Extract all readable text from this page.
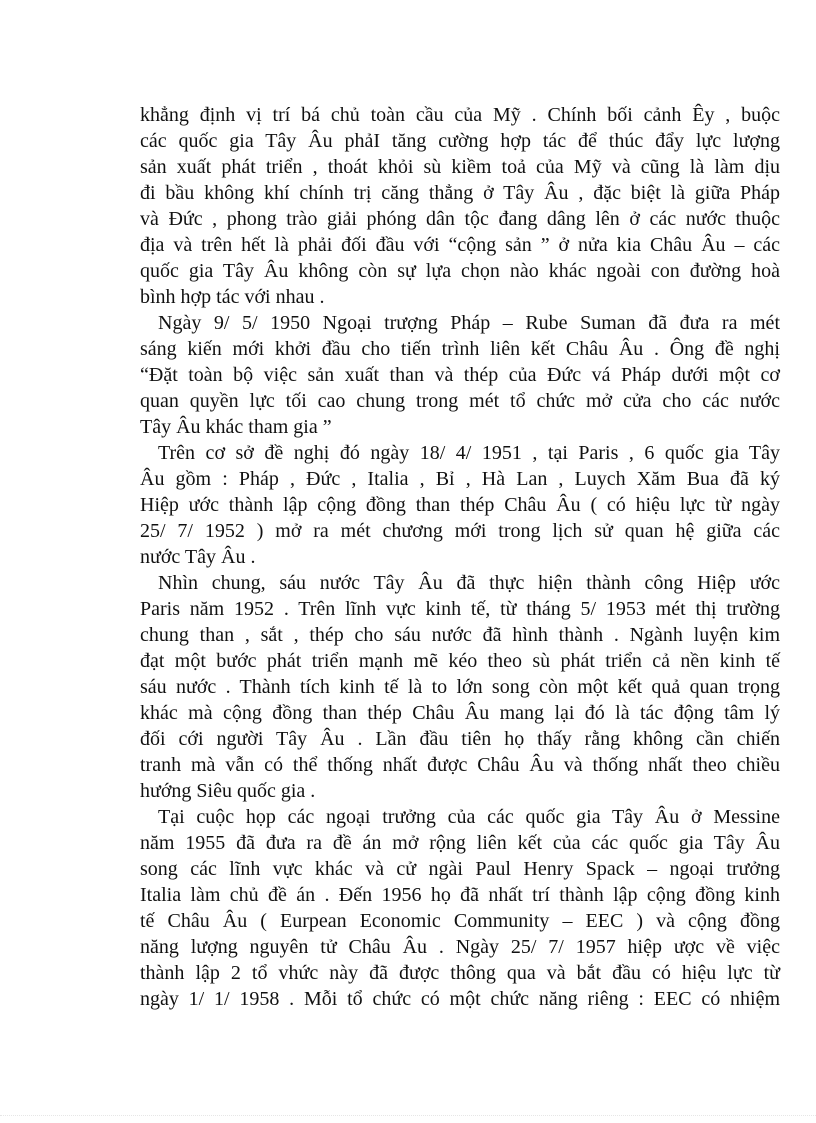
khẳng định vị trí bá chủ toàn cầu của Mỹ . Chính bối cảnh Êy , buộc
các quốc gia Tây Âu phảI tăng cường hợp tác để thúc đẩy lực lượng
sản xuất phát triển , thoát khỏi sù kiềm toả của Mỹ và cũng là làm dịu
đi bầu không khí chính trị căng thẳng ở Tây Âu , đặc biệt là giữa Pháp
và Đức , phong trào giải phóng dân tộc đang dâng lên ở các nước thuộc
địa và trên hết là phải đối đầu với “cộng sản ” ở nửa kia Châu Âu – các
quốc gia Tây Âu không còn sự lựa chọn nào khác ngoài con đường hoà
bình hợp tác với nhau .
Ngày 9/ 5/ 1950 Ngoại trượng Pháp – Rube Suman đã đưa ra mét
sáng kiến mới khởi đầu cho tiến trình liên kết Châu Âu . Ông đề nghị
“Đặt toàn bộ việc sản xuất than và thép của Đức vá Pháp dưới một cơ
quan quyền lực tối cao chung trong mét tổ chức mở cửa cho các nước
Tây Âu khác tham gia ”
Trên cơ sở đề nghị đó ngày 18/ 4/ 1951 , tại Paris , 6 quốc gia Tây
Âu gồm : Pháp , Đức , Italia , Bỉ , Hà Lan , Luych Xăm Bua đã ký
Hiệp ước thành lập cộng đồng than thép Châu Âu ( có hiệu lực từ ngày
25/ 7/ 1952 ) mở ra mét chương mới trong lịch sử quan hệ giữa các
nước Tây Âu .
Nhìn chung, sáu nước Tây Âu đã thực hiện thành công Hiệp ước
Paris năm 1952 . Trên lĩnh vực kinh tế, từ tháng 5/ 1953 mét thị trường
chung than , sắt , thép cho sáu nước đã hình thành . Ngành luyện kim
đạt một bước phát triển mạnh mẽ kéo theo sù phát triển cả nền kinh tế
sáu nước . Thành tích kinh tế là to lớn song còn một kết quả quan trọng
khác mà cộng đồng than thép Châu Âu mang lại đó là tác động tâm lý
đối cới người Tây Âu . Lần đầu tiên họ thấy rằng không cần chiến
tranh mà vẫn có thể thống nhất được Châu Âu và thống nhất theo chiều
hướng Siêu quốc gia .
Tại cuộc họp các ngoại trưởng của các quốc gia Tây Âu ở Messine
năm 1955 đã đưa ra đề án mở rộng liên kết của các quốc gia Tây Âu
song các lĩnh vực khác và cử ngài Paul Henry Spack – ngoại trưởng
Italia làm chủ đề án . Đến 1956 họ đã nhất trí thành lập cộng đồng kinh
tế Châu Âu ( Eurpean Economic Community – EEC ) và cộng đồng
năng lượng nguyên tử Châu Âu . Ngày 25/ 7/ 1957 hiệp ược về việc
thành lập 2 tổ vhức này đã được thông qua và bắt đầu có hiệu lực từ
ngày 1/ 1/ 1958 . Mỗi tổ chức có một chức năng riêng : EEC có nhiệm
